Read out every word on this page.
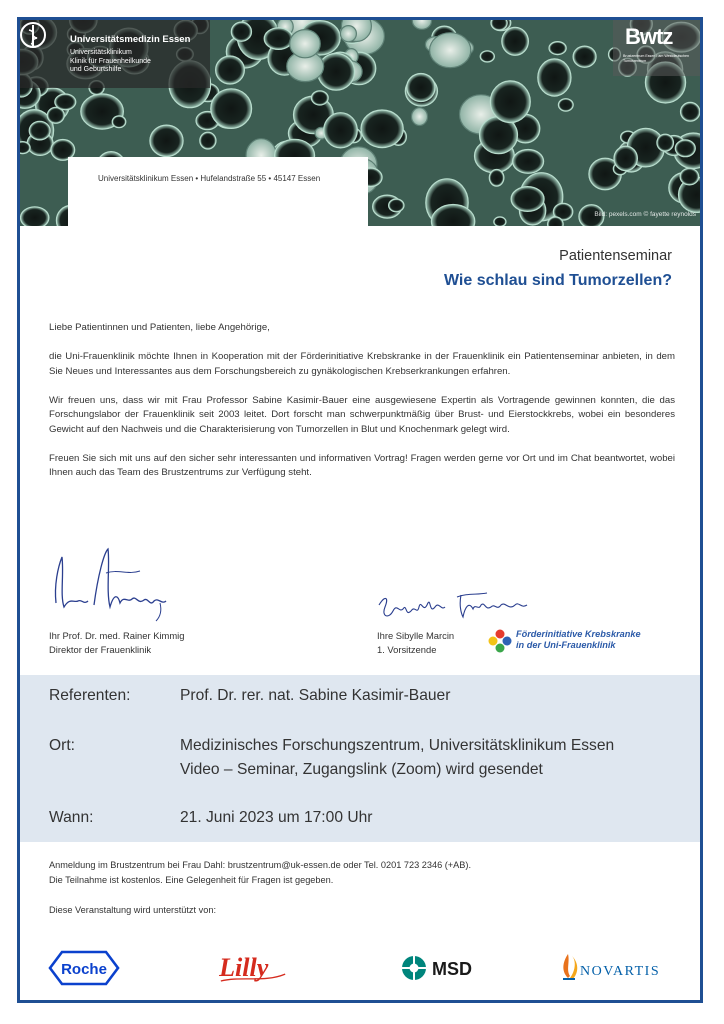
Universitätsmedizin Essen
Universitätsklinikum
Klinik für Frauenheilkunde
und Geburtshilfe
Bwtz
Brustzentrum Essen I am Westdeutschen Tumorzentrum
Universitätsklinikum Essen • Hufelandstraße 55 • 45147 Essen
Bild: pexels.com © fayette reynolds
Patientenseminar
Wie schlau sind Tumorzellen?

Liebe Patientinnen und Patienten, liebe Angehörige,

die Uni-Frauenklinik möchte Ihnen in Kooperation mit der Förderinitiative Krebskranke in der Frauenklinik ein Patientenseminar anbieten, in dem Sie Neues und Interessantes aus dem Forschungsbereich zu gynäkologischen Krebserkrankungen erfahren.

Wir freuen uns, dass wir mit Frau Professor Sabine Kasimir-Bauer eine ausgewiesene Expertin als Vortragende gewinnen konnten, die das Forschungslabor der Frauenklinik seit 2003 leitet. Dort forscht man schwerpunktmäßig über Brust- und Eierstockkrebs, wobei ein besonderes Gewicht auf den Nachweis und die Charakterisierung von Tumorzellen in Blut und Knochenmark gelegt wird.

Freuen Sie sich mit uns auf den sicher sehr interessanten und informativen Vortrag! Fragen werden gerne vor Ort und im Chat beantwortet, wobei Ihnen auch das Team des Brustzentrums zur Verfügung steht.

Ihr Prof. Dr. med. Rainer Kimmig
Direktor der Frauenklinik
Ihre Sibylle Marcin
1. Vorsitzende
Förderinitiative Krebskranke
in der Uni-Frauenklinik
Referenten:	Prof. Dr. rer. nat. Sabine Kasimir-Bauer
Ort:	Medizinisches Forschungszentrum, Universitätsklinikum Essen
Video – Seminar, Zugangslink (Zoom) wird gesendet
Wann:	21. Juni 2023 um 17:00 Uhr
Anmeldung im Brustzentrum bei Frau Dahl: brustzentrum@uk-essen.de oder Tel. 0201 723 2346 (+AB).
Die Teilnahme ist kostenlos. Eine Gelegenheit für Fragen ist gegeben.
Diese Veranstaltung wird unterstützt von:
Roche	Lilly	MSD	NOVARTIS
